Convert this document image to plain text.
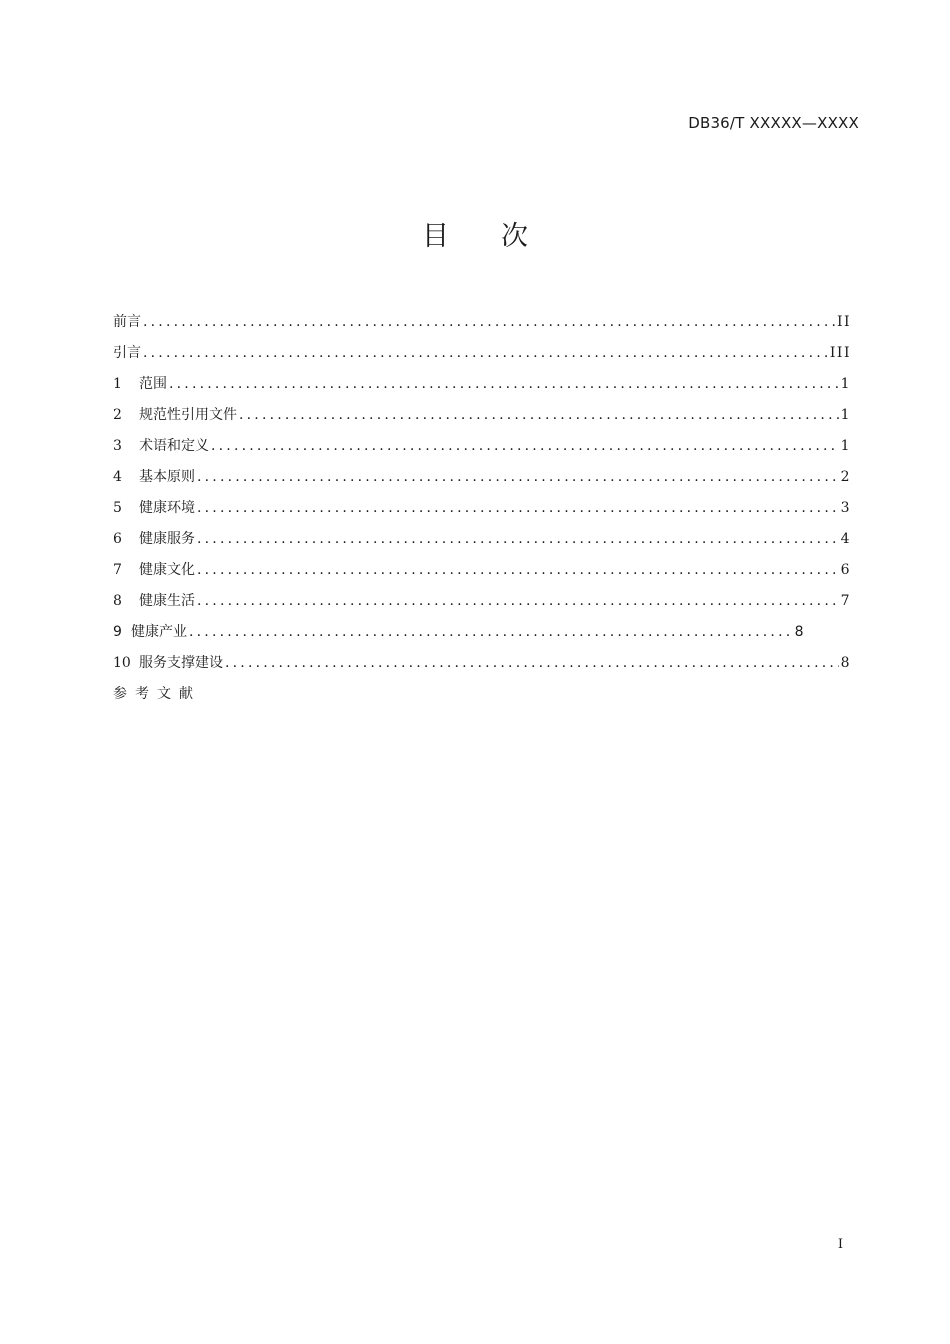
DB36/T XXXXX—XXXX
目 次
前言 .....	II
引言 .....	III
1	范围 .....	1
2	规范性引用文件 .....	1
3	术语和定义 .....	1
4	基本原则 .....	2
5	健康环境 .....	3
6	健康服务 .....	4
7	健康文化 .....	6
8	健康生活 .....	7
9 健康产业 .....	8
10 服务支撑建设 .....	8
参考文献
I
